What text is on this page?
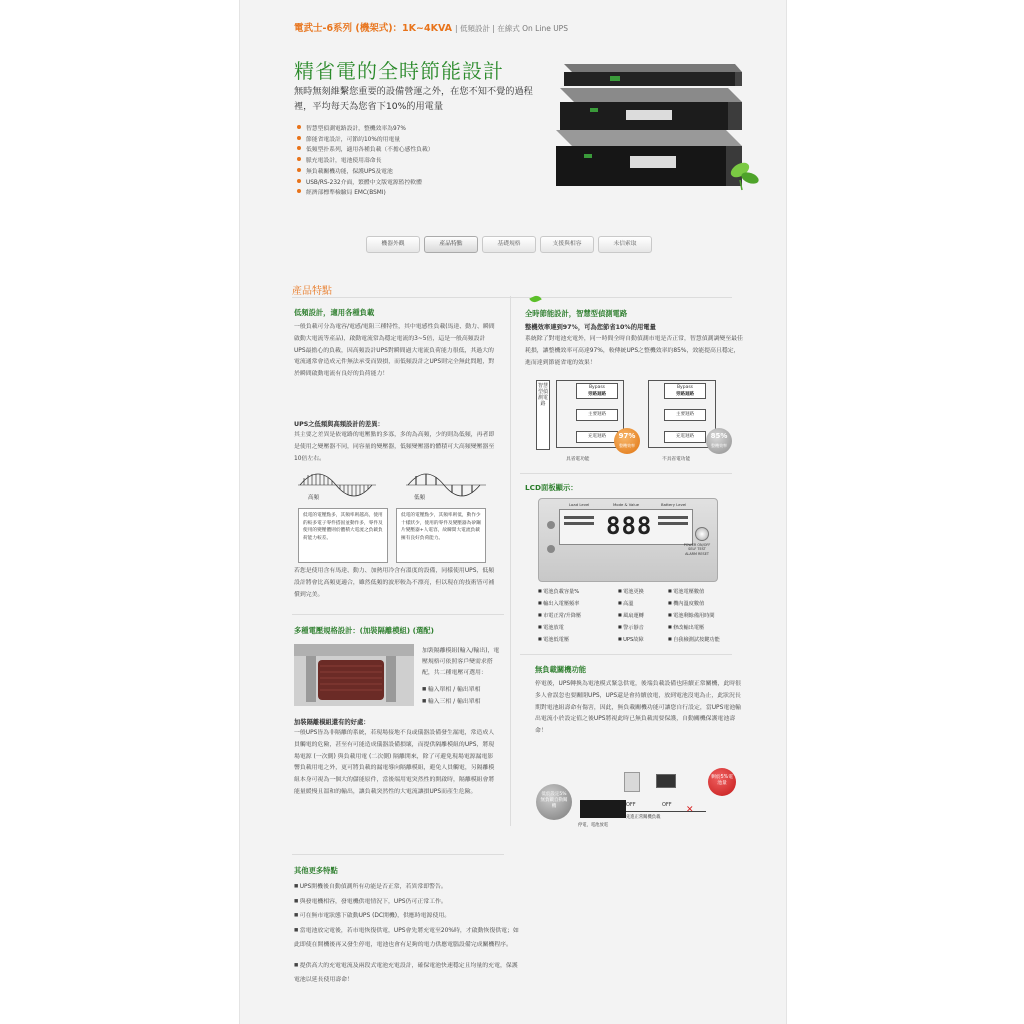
電武士-6系列 (機架式)：1K~4KVA | 低頻設計 | 在線式 On Line UPS
精省電的全時節能設計
無時無刻維繫您重要的設備營運之外，在您不知不覺的過程裡，平均每天為您省下10%的用電量
智慧型偵測電路設計，整機效率為97%
節能省電設計，可節約10%的用電量
低頻型扑系列，適用各種負載（不擔心感性負載）
脈充電設計，電池使用壽命長
無負載關機功能，保護UPS及電池
USB/RS-232介面，繁體中文版電源監控軟體
經濟部標準檢驗局 EMC(BSMI)
機器外觀	產品特點	基礎規格	支援與相容	未信索取
產品特點
低頻設計，適用各種負載
一般負載可分為電容/電感/電阻三種特性，其中電感性負載(馬達、動力、瞬間啟動大電流等產品)，啟動電流常為穩定電流的3~5倍，這是一般高頻設計UPS最擔心的負載，因高頻設計UPS對瞬間過大電流負荷能力很低，其過大的電流通常會造成元件無法承受而毀損，而低頻設計之UPS則完全無此問題，對於瞬間啟動電流有良好的負荷能力！
UPS之低頻與高頻設計的差異：
其主要之差異是依電路的電壓點的多寡，多的為高頻，少的則為低頻，再者即是使用之變壓器不同，同容量的變壓器，低頻變壓器的體積可大高頻變壓器至10倍左右。
高頻	低頻
低電的電壓點多，其頻率則越高，使用的較多電子零件搭固並動作多，零件及使用的變壓體則於體積大電流之負載負荷能力較差。
低電的電壓點少，其頻率則低，動作少十樣狀少，使用的零件及變壓器為矽鋼片變壓器+人電容，故瞬間大電流負載擁有良好負荷能力。
若您是使用含有馬達、動力、加熱用冷含有溫度的設備，同樣使用UPS，低頻設計將會比高頻更適合，雖然低頻的波形較為不漂亮，但以現在的技術皆可補償到完美。
多種電壓規格設計：(加裝隔離模組) (選配)
加裝隔離模組(輸入/輸出)，電壓規格可依照客戶變需求搭配，共二種電壓可選用：
■ 輸入單相 / 輸出單相
■ 輸入三相 / 輸出單相
加裝隔離模組還有的好處：
一般UPS皆為非隔離的系統，若現場接地不良或儀器設備發生漏電，常造成人員觸電的危險，甚至有可能造成儀器設備損壞，而提供隔離模組的UPS，將現場電源 (一次側) 與負載用電 (二次側) 隔離開來，除了可避免現場電源漏電影響負載用電之外，更可將負載的漏電導向隔離模組，避免人員觸電，另隔離模組本身可視為一個大的儲能原件，當後端用電突然性的開啟時，隔離模組會將能量緩慢且溫和的輸出，讓負載突然性的大電流讓損UPS而產生危險。
其他更多特點
■ UPS開機後自動偵測所有功能是否正常，若異常即警告。
■ 與發電機相容，發電機供電情況下，UPS仍可正常工作。
■ 可在無市電狀態下啟動UPS (DC開機)，供應時電源使用。
■ 當電池放完電後，若市電恢復供電，UPS會先將充電至20%時，才啟動恢復供電；如此即使在開機後再又發生停電，電池也會有足夠的電力供應電腦設備完成關機程序。
■ 提供高大的充電電流及兩段式電池充電設計，確保電池快速穩定且均量的充電，保護電池以延長使用壽命！
全時節能設計，智慧型偵測電路
整機效率達到97%，可為您節省10%的用電量
系統除了對電池充電外，同一時間全時自動偵測市電是否正常，智慧偵測調變至最佳耗損，讓整機效率可高達97%，較傳統UPS之整機效率約85%，效能提高且穩定，進而達到節能省電的效果！
智慧型偵測電路
Bypass
旁路迴路
主要迴路
充電迴路	97%
整機效率
具省電功能
Bypass
旁路迴路
主要迴路
充電迴路	85%
整機效率
不具省電功能
LCD面板顯示：
Load Level	Mode & Value	Battery Level
888
POWER ON/OFF
SELF TEST
ALARM RESET
■ 電池負載容量%	■ 電池更換	■ 電池電壓數值
■ 輸出入電壓頻率	■ 高溫	■ 機內溫度數值
■ 市電正常/升降壓	■ 風扇運轉	■ 電池剩餘備用時間
■ 電池放電	■ 警示靜音	■ 修改輸出電壓
■ 電池低電壓	■ UPS故障	■ 自我檢測試按鍵功能
無負載關機功能
停電後，UPS轉換為電池模式緊急供電，後端負載設備也陸續正常關機，此時很多人會誤忽也要關閉UPS，UPS還是會持續放電，放到電池沒電為止，此狀況長期對電池組壽命有傷害，因此，無負載關機功能可讓您自行設定，當UPS電池輸出電流小於設定值之後UPS將視此時已無負載需要保護，自動關機保護電池壽命！
低於設定5%無負載自動關機
停電，電池放電
OFF	OFF ✕
先進正常關機負載
剩於5%電池量
